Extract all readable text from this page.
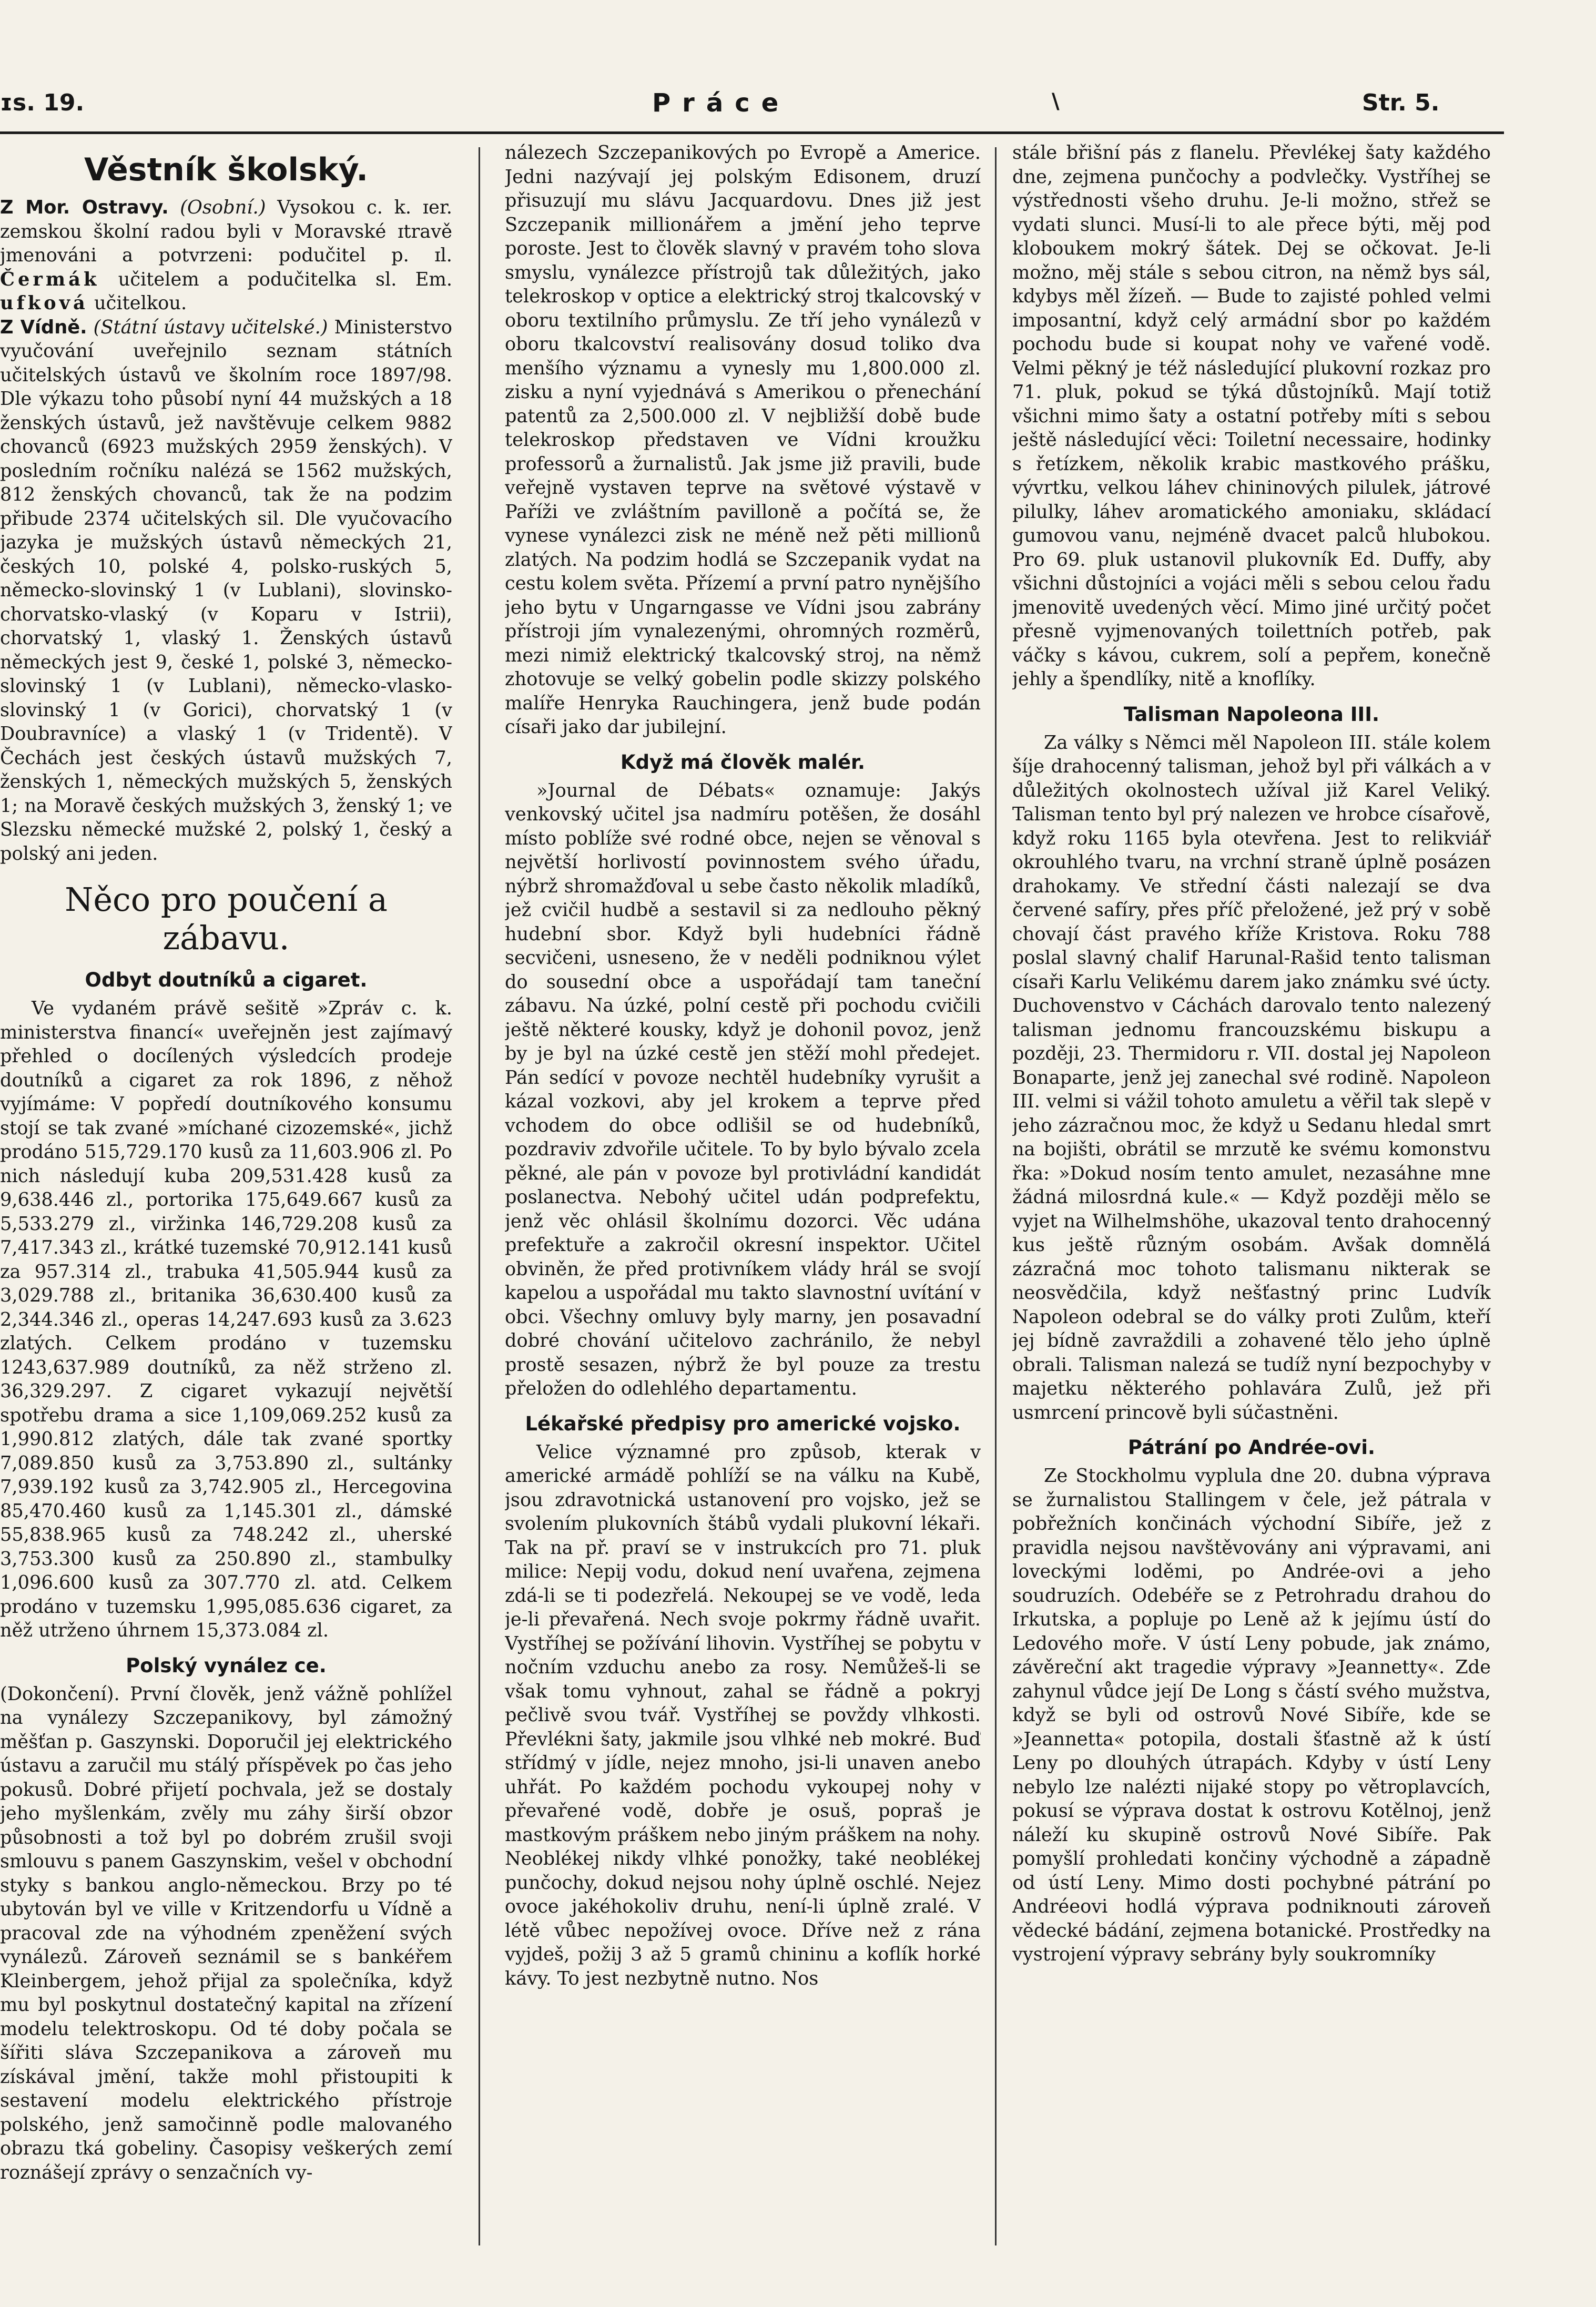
ɪs. 19.	Práce	\	Str. 5.
Věstník školský.

Z Mor. Ostravy. (Osobní.) Vysokou c. k. ɪer. zemskou školní radou byli v Moravské ɪtravě jmenováni a potvrzeni: podučitel p. ɪl. Čermák učitelem a podučitelka sl. Em. ufková učitelkou.

Z Vídně. (Státní ústavy učitelské.) Ministerstvo vyučování uveřejnilo seznam státních učitelských ústavů ve školním roce 1897/98. Dle výkazu toho působí nyní 44 mužských a 18 ženských ústavů, jež navštěvuje celkem 9882 chovanců (6923 mužských 2959 ženských). V posledním ročníku nalézá se 1562 mužských, 812 ženských chovanců, tak že na podzim přibude 2374 učitelských sil. Dle vyučovacího jazyka je mužských ústavů německých 21, českých 10, polské 4, polsko-ruských 5, německo-slovinský 1 (v Lublani), slovinsko-chorvatsko-vlaský (v Koparu v Istrii), chorvatský 1, vlaský 1. Ženských ústavů německých jest 9, české 1, polské 3, německo-slovinský 1 (v Lublani), německo-vlasko-slovinský 1 (v Gorici), chorvatský 1 (v Doubravníce) a vlaský 1 (v Tridentě). V Čechách jest českých ústavů mužských 7, ženských 1, německých mužských 5, ženských 1; na Moravě českých mužských 3, ženský 1; ve Slezsku německé mužské 2, polský 1, český a polský ani jeden.

Něco pro poučení a zábavu.
Odbyt doutníků a cigaret.

Ve vydaném právě sešitě »Zpráv c. k. ministerstva financí« uveřejněn jest zajímavý přehled o docílených výsledcích prodeje doutníků a cigaret za rok 1896, z něhož vyjímáme: V popředí doutníkového konsumu stojí se tak zvané »míchané cizozemské«, jichž prodáno 515,729.170 kusů za 11,603.906 zl. Po nich následují kuba 209,531.428 kusů za 9,638.446 zl., portorika 175,649.667 kusů za 5,533.279 zl., viržinka 146,729.208 kusů za 7,417.343 zl., krátké tuzemské 70,912.141 kusů za 957.314 zl., trabuka 41,505.944 kusů za 3,029.788 zl., britanika 36,630.400 kusů za 2,344.346 zl., operas 14,247.693 kusů za 3.623 zlatých. Celkem prodáno v tuzemsku 1243,637.989 doutníků, za něž strženo zl. 36,329.297. Z cigaret vykazují největší spotřebu drama a sice 1,109,069.252 kusů za 1,990.812 zlatých, dále tak zvané sportky 7,089.850 kusů za 3,753.890 zl., sultánky 7,939.192 kusů za 3,742.905 zl., Hercegovina 85,470.460 kusů za 1,145.301 zl., dámské 55,838.965 kusů za 748.242 zl., uherské 3,753.300 kusů za 250.890 zl., stambulky 1,096.600 kusů za 307.770 zl. atd. Celkem prodáno v tuzemsku 1,995,085.636 cigaret, za něž utrženo úhrnem 15,373.084 zl.

Polský vynález ce.

(Dokončení). První člověk, jenž vážně pohlížel na vynálezy Szczepanikovy, byl zámožný měšťan p. Gaszynski. Doporučil jej elektrického ústavu a zaručil mu stálý příspěvek po čas jeho pokusů. Dobré přijetí pochvala, jež se dostaly jeho myšlenkám, zvěly mu záhy širší obzor působnosti a tož byl po dobrém zrušil svoji smlouvu s panem Gaszynskim, vešel v obchodní styky s bankou anglo-německou. Brzy po té ubytován byl ve ville v Kritzendorfu u Vídně a pracoval zde na výhodném zpeněžení svých vynálezů. Zároveň seznámil se s bankéřem Kleinbergem, jehož přijal za společníka, když mu byl poskytnul dostatečný kapital na zřízení modelu telektroskopu. Od té doby počala se šířiti sláva Szczepanikova a zároveň mu získával jmění, takže mohl přistoupiti k sestavení modelu elektrického přístroje polského, jenž samočinně podle malovaného obrazu tká gobeliny. Časopisy veškerých zemí roznášejí zprávy o senzačních vy-

nálezech Szczepanikových po Evropě a Americe. Jedni nazývají jej polským Edisonem, druzí přisuzují mu slávu Jacquardovu. Dnes již jest Szczepanik millionářem a jmění jeho teprve poroste. Jest to člověk slavný v pravém toho slova smyslu, vynálezce přístrojů tak důležitých, jako telekroskop v optice a elektrický stroj tkalcovský v oboru textilního průmyslu. Ze tří jeho vynálezů v oboru tkalcovství realisovány dosud toliko dva menšího významu a vynesly mu 1,800.000 zl. zisku a nyní vyjednává s Amerikou o přenechání patentů za 2,500.000 zl. V nejbližší době bude telekroskop představen ve Vídni kroužku professorů a žurnalistů. Jak jsme již pravili, bude veřejně vystaven teprve na světové výstavě v Paříži ve zvláštním pavilloně a počítá se, že vynese vynálezci zisk ne méně než pěti millionů zlatých. Na podzim hodlá se Szczepanik vydat na cestu kolem světa. Přízemí a první patro nynějšího jeho bytu v Ungarngasse ve Vídni jsou zabrány přístroji jím vynalezenými, ohromných rozměrů, mezi nimiž elektrický tkalcovský stroj, na němž zhotovuje se velký gobelin podle skizzy polského malíře Henryka Rauchingera, jenž bude podán císaři jako dar jubilejní.

Když má člověk malér.

»Journal de Débats« oznamuje: Jakýs venkovský učitel jsa nadmíru potěšen, že dosáhl místo poblíže své rodné obce, nejen se věnoval s největší horlivostí povinnostem svého úřadu, nýbrž shromažďoval u sebe často několik mladíků, jež cvičil hudbě a sestavil si za nedlouho pěkný hudební sbor. Když byli hudebníci řádně secvičeni, usneseno, že v neděli podniknou výlet do sousední obce a uspořádají tam taneční zábavu. Na úzké, polní cestě při pochodu cvičili ještě některé kousky, když je dohonil povoz, jenž by je byl na úzké cestě jen stěží mohl předejet. Pán sedící v povoze nechtěl hudebníky vyrušit a kázal vozkovi, aby jel krokem a teprve před vchodem do obce odlišil se od hudebníků, pozdraviv zdvořile učitele. To by bylo bývalo zcela pěkné, ale pán v povoze byl protivládní kandidát poslanectva. Nebohý učitel udán podprefektu, jenž věc ohlásil školnímu dozorci. Věc udána prefektuře a zakročil okresní inspektor. Učitel obviněn, že před protivníkem vlády hrál se svojí kapelou a uspořádal mu takto slavnostní uvítání v obci. Všechny omluvy byly marny, jen posavadní dobré chování učitelovo zachránilo, že nebyl prostě sesazen, nýbrž že byl pouze za trestu přeložen do odlehlého departamentu.

Lékařské předpisy pro americké vojsko.

Velice významné pro způsob, kterak v americké armádě pohlíží se na válku na Kubě, jsou zdravotnická ustanovení pro vojsko, jež se svolením plukovních štábů vydali plukovní lékaři. Tak na př. praví se v instrukcích pro 71. pluk milice: Nepij vodu, dokud není uvařena, zejmena zdá-li se ti podezřelá. Nekoupej se ve vodě, leda je-li převařená. Nech svoje pokrmy řádně uvařit. Vystříhej se požívání lihovin. Vystříhej se pobytu v nočním vzduchu anebo za rosy. Nemůžeš-li se však tomu vyhnout, zahal se řádně a pokryj pečlivě svou tvář. Vystříhej se povždy vlhkosti. Převlékni šaty, jakmile jsou vlhké neb mokré. Buď střídmý v jídle, nejez mnoho, jsi-li unaven anebo uhřát. Po každém pochodu vykoupej nohy v převařené vodě, dobře je osuš, popraš je mastkovým práškem nebo jiným práškem na nohy. Neoblékej nikdy vlhké ponožky, také neoblékej punčochy, dokud nejsou nohy úplně oschlé. Nejez ovoce jakéhokoliv druhu, není-li úplně zralé. V létě vůbec nepožívej ovoce. Dříve než z rána vyjdeš, požij 3 až 5 gramů chininu a koflík horké kávy. To jest nezbytně nutno. Nos

stále břišní pás z flanelu. Převlékej šaty každého dne, zejmena punčochy a podvlečky. Vystříhej se výstřednosti všeho druhu. Je-li možno, střež se vydati slunci. Musí-li to ale přece býti, měj pod kloboukem mokrý šátek. Dej se očkovat. Je-li možno, měj stále s sebou citron, na němž bys sál, kdybys měl žízeň. — Bude to zajisté pohled velmi imposantní, když celý armádní sbor po každém pochodu bude si koupat nohy ve vařené vodě. Velmi pěkný je též následující plukovní rozkaz pro 71. pluk, pokud se týká důstojníků. Mají totiž všichni mimo šaty a ostatní potřeby míti s sebou ještě následující věci: Toiletní necessaire, hodinky s řetízkem, několik krabic mastkového prášku, vývrtku, velkou láhev chininových pilulek, játrové pilulky, láhev aromatického amoniaku, skládací gumovou vanu, nejméně dvacet palců hlubokou. Pro 69. pluk ustanovil plukovník Ed. Duffy, aby všichni důstojníci a vojáci měli s sebou celou řadu jmenovitě uvedených věcí. Mimo jiné určitý počet přesně vyjmenovaných toilettních potřeb, pak váčky s kávou, cukrem, solí a pepřem, konečně jehly a špendlíky, nitě a knoflíky.

Talisman Napoleona III.

Za války s Němci měl Napoleon III. stále kolem šíje drahocenný talisman, jehož byl při válkách a v důležitých okolnostech užíval již Karel Veliký. Talisman tento byl prý nalezen ve hrobce císařově, když roku 1165 byla otevřena. Jest to relikviář okrouhlého tvaru, na vrchní straně úplně posázen drahokamy. Ve střední části nalezají se dva červené safíry, přes příč přeložené, jež prý v sobě chovají část pravého kříže Kristova. Roku 788 poslal slavný chalif Harunal-Rašid tento talisman císaři Karlu Velikému darem jako známku své úcty. Duchovenstvo v Cáchách darovalo tento nalezený talisman jednomu francouzskému biskupu a později, 23. Thermidoru r. VII. dostal jej Napoleon Bonaparte, jenž jej zanechal své rodině. Napoleon III. velmi si vážil tohoto amuletu a věřil tak slepě v jeho zázračnou moc, že když u Sedanu hledal smrt na bojišti, obrátil se mrzutě ke svému komonstvu řka: »Dokud nosím tento amulet, nezasáhne mne žádná milosrdná kule.« — Když později mělo se vyjet na Wilhelmshöhe, ukazoval tento drahocenný kus ještě různým osobám. Avšak domnělá zázračná moc tohoto talismanu nikterak se neosvědčila, když nešťastný princ Ludvík Napoleon odebral se do války proti Zulům, kteří jej bídně zavraždili a zohavené tělo jeho úplně obrali. Talisman nalezá se tudíž nyní bezpochyby v majetku některého pohlavára Zulů, jež při usmrcení princově byli súčastněni.

Pátrání po Andrée-ovi.

Ze Stockholmu vyplula dne 20. dubna výprava se žurnalistou Stallingem v čele, jež pátrala v pobřežních končinách východní Sibíře, jež z pravidla nejsou navštěvovány ani výpravami, ani loveckými loděmi, po Andrée-ovi a jeho soudruzích. Odebéře se z Petrohradu drahou do Irkutska, a popluje po Leně až k jejímu ústí do Ledového moře. V ústí Leny pobude, jak známo, závěreční akt tragedie výpravy »Jeannetty«. Zde zahynul vůdce její De Long s částí svého mužstva, když se byli od ostrovů Nové Sibíře, kde se »Jeannetta« potopila, dostali šťastně až k ústí Leny po dlouhých útrapách. Kdyby v ústí Leny nebylo lze nalézti nijaké stopy po větroplavcích, pokusí se výprava dostat k ostrovu Kotělnoj, jenž náleží ku skupině ostrovů Nové Sibíře. Pak pomyšlí prohledati končiny východně a západně od ústí Leny. Mimo dosti pochybné pátrání po Andréeovi hodlá výprava podniknouti zároveň vědecké bádání, zejmena botanické. Prostředky na vystrojení výpravy sebrány byly soukromníky
